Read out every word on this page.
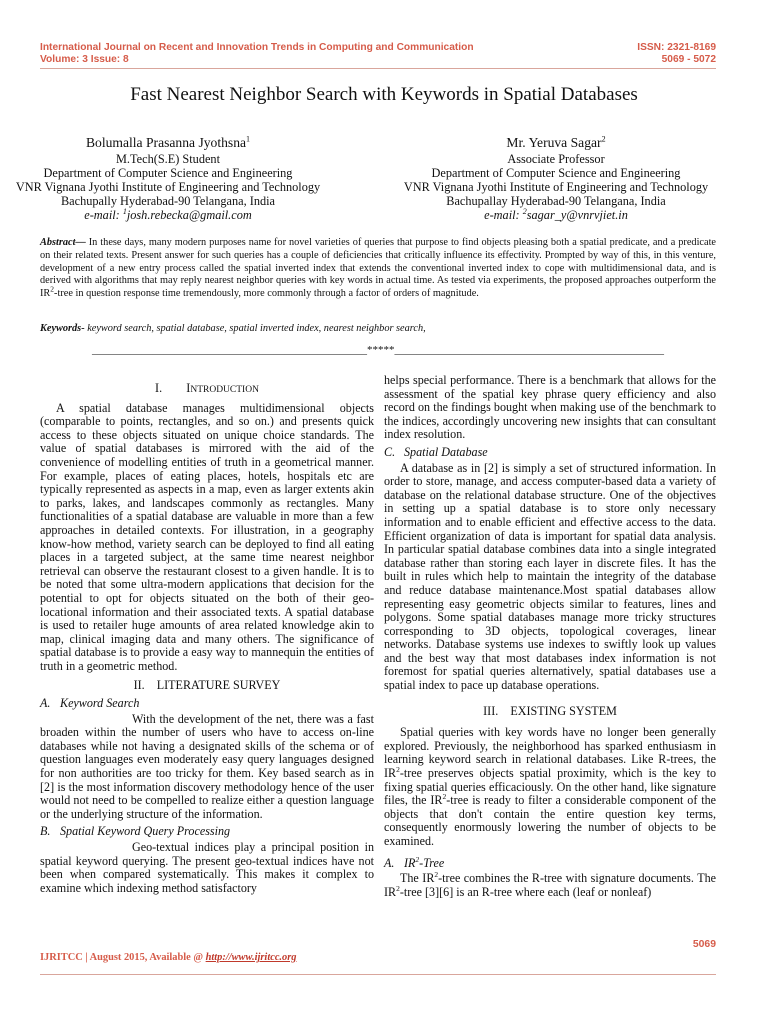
International Journal on Recent and Innovation Trends in Computing and Communication
Volume: 3 Issue: 8
ISSN: 2321-8169
5069 - 5072
Fast Nearest Neighbor Search with Keywords in Spatial Databases
Bolumalla Prasanna Jyothsna$^1$
M.Tech(S.E) Student
Department of Computer Science and Engineering
VNR Vignana Jyothi Institute of Engineering and Technology
Bachupally Hyderabad-90 Telangana, India
e-mail: $^1$josh.rebecka@gmail.com
Mr. Yeruva Sagar$^2$
Associate Professor
Department of Computer Science and Engineering
VNR Vignana Jyothi Institute of Engineering and Technology
Bachupallay Hyderabad-90 Telangana, India
e-mail: $^2$sagar_y@vnrvjiet.in
Abstract— In these days, many modern purposes name for novel varieties of queries that purpose to find objects pleasing both a spatial predicate, and a predicate on their related texts. Present answer for such queries has a couple of deficiencies that critically influence its effectivity. Prompted by way of this, in this venture, development of a new entry process called the spatial inverted index that extends the conventional inverted index to cope with multidimensional data, and is derived with algorithms that may reply nearest neighbor queries with key words in actual time. As tested via experiments, the proposed approaches outperform the $IR^2$-tree in question response time tremendously, more commonly through a factor of orders of magnitude.
Keywords- keyword search, spatial database, spatial inverted index, nearest neighbor search,
__________________________________________________*****_________________________________________________
I. INTRODUCTION

A spatial database manages multidimensional objects (comparable to points, rectangles, and so on.) and presents quick access to these objects situated on unique choice standards. The value of spatial databases is mirrored with the aid of the convenience of modelling entities of truth in a geometrical manner. For example, places of eating places, hotels, hospitals etc are typically represented as aspects in a map, even as larger extents akin to parks, lakes, and landscapes commonly as rectangles. Many functionalities of a spatial database are valuable in more than a few approaches in detailed contexts. For illustration, in a geography know-how method, variety search can be deployed to find all eating places in a targeted subject, at the same time nearest neighbor retrieval can observe the restaurant closest to a given handle. It is to be noted that some ultra-modern applications that decision for the potential to opt for objects situated on the both of their geo-locational information and their associated texts. A spatial database is used to retailer huge amounts of area related knowledge akin to map, clinical imaging data and many others. The significance of spatial database is to provide a easy way to mannequin the entities of truth in a geometric method.

II. LITERATURE SURVEY
A. Keyword Search

With the development of the net, there was a fast broaden within the number of users who have to access on-line databases while not having a designated skills of the schema or of question languages even moderately easy query languages designed for non authorities are too tricky for them. Key based search as in [2] is the most information discovery methodology hence of the user would not need to be compelled to realize either a question language or the underlying structure of the information.

B. Spatial Keyword Query Processing

Geo-textual indices play a principal position in spatial keyword querying. The present geo-textual indices have not been when compared systematically. This makes it complex to examine which indexing method satisfactory

helps special performance. There is a benchmark that allows for the assessment of the spatial key phrase query efficiency and also record on the findings bought when making use of the benchmark to the indices, accordingly uncovering new insights that can consultant index resolution.

C. Spatial Database

A database as in [2] is simply a set of structured information. In order to store, manage, and access computer-based data a variety of database on the relational database structure. One of the objectives in setting up a spatial database is to store only necessary information and to enable efficient and effective access to the data. Efficient organization of data is important for spatial data analysis. In particular spatial database combines data into a single integrated database rather than storing each layer in discrete files. It has the built in rules which help to maintain the integrity of the database and reduce database maintenance.Most spatial databases allow representing easy geometric objects similar to features, lines and polygons. Some spatial databases manage more tricky structures corresponding to 3D objects, topological coverages, linear networks. Database systems use indexes to swiftly look up values and the best way that most databases index information is not foremost for spatial queries alternatively, spatial databases use a spatial index to pace up database operations.

III. EXISTING SYSTEM

Spatial queries with key words have no longer been generally explored. Previously, the neighborhood has sparked enthusiasm in learning keyword search in relational databases. Like R-trees, the $IR^2$-tree preserves objects spatial proximity, which is the key to fixing spatial queries efficaciously. On the other hand, like signature files, the $IR^2$-tree is ready to filter a considerable component of the objects that don't contain the entire question key terms, consequently enormously lowering the number of objects to be examined.

A. $IR^2$-Tree

The $IR^2$-tree combines the R-tree with signature documents. The $IR^2$-tree [3][6] is an R-tree where each (leaf or nonleaf)

5069
IJRITCC | August 2015, Available @ http://www.ijritcc.org
